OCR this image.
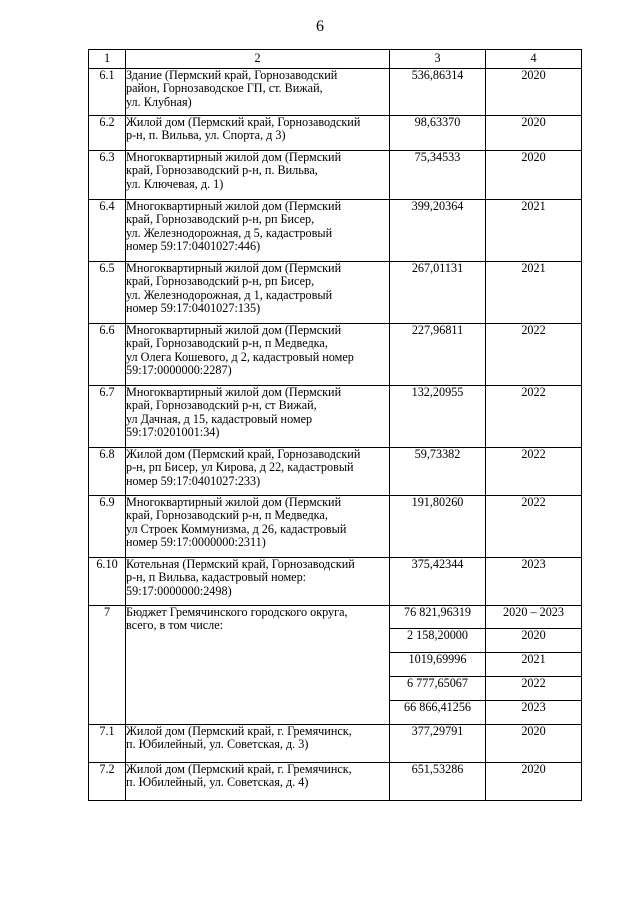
6
1	2	3	4
6.1	Здание (Пермский край, Горнозаводский
район, Горнозаводское ГП, ст. Вижай,
ул. Клубная)	536,86314	2020
6.2	Жилой дом (Пермский край, Горнозаводский
р-н, п. Вильва, ул. Спорта, д 3)	98,63370	2020
6.3	Многоквартирный жилой дом (Пермский
край, Горнозаводский р-н, п. Вильва,
ул. Ключевая, д. 1)	75,34533	2020
6.4	Многоквартирный жилой дом (Пермский
край, Горнозаводский р-н, рп Бисер,
ул. Железнодорожная, д 5, кадастровый
номер 59:17:0401027:446)	399,20364	2021
6.5	Многоквартирный жилой дом (Пермский
край, Горнозаводский р-н, рп Бисер,
ул. Железнодорожная, д 1, кадастровый
номер 59:17:0401027:135)	267,01131	2021
6.6	Многоквартирный жилой дом (Пермский
край, Горнозаводский р-н, п Медведка,
ул Олега Кошевого, д 2, кадастровый номер
59:17:0000000:2287)	227,96811	2022
6.7	Многоквартирный жилой дом (Пермский
край, Горнозаводский р-н, ст Вижай,
ул Дачная, д 15, кадастровый номер
59:17:0201001:34)	132,20955	2022
6.8	Жилой дом (Пермский край, Горнозаводский
р-н, рп Бисер, ул Кирова, д 22, кадастровый
номер 59:17:0401027:233)	59,73382	2022
6.9	Многоквартирный жилой дом (Пермский
край, Горнозаводский р-н, п Медведка,
ул Строек Коммунизма, д 26, кадастровый
номер 59:17:0000000:2311)	191,80260	2022
6.10	Котельная (Пермский край, Горнозаводский
р-н, п Вильва, кадастровый номер:
59:17:0000000:2498)	375,42344	2023
7	Бюджет Гремячинского городского округа,
всего, в том числе:	76 821,96319	2020 – 2023
		2 158,20000	2020
		1019,69996	2021
		6 777,65067	2022
		66 866,41256	2023
7.1	Жилой дом (Пермский край, г. Гремячинск,
п. Юбилейный, ул. Советская, д. 3)	377,29791	2020
7.2	Жилой дом (Пермский край, г. Гремячинск,
п. Юбилейный, ул. Советская, д. 4)	651,53286	2020
